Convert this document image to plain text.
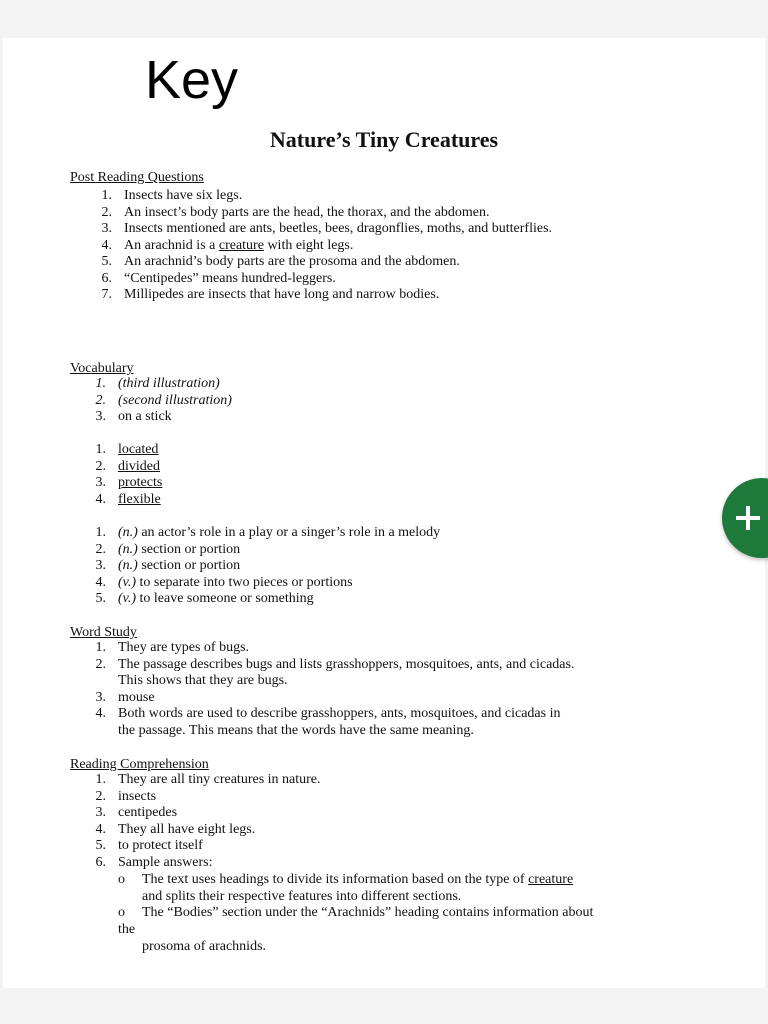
Key
Nature’s Tiny Creatures
Post Reading Questions
1. Insects have six legs.
2. An insect’s body parts are the head, the thorax, and the abdomen.
3. Insects mentioned are ants, beetles, bees, dragonflies, moths, and butterflies.
4. An arachnid is a creature with eight legs.
5. An arachnid’s body parts are the prosoma and the abdomen.
6. “Centipedes” means hundred-leggers.
7. Millipedes are insects that have long and narrow bodies.
Vocabulary
1. (third illustration)
2. (second illustration)
3. on a stick
1. located
2. divided
3. protects
4. flexible
1. (n.) an actor’s role in a play or a singer’s role in a melody
2. (n.) section or portion
3. (n.) section or portion
4. (v.) to separate into two pieces or portions
5. (v.) to leave someone or something
Word Study
1. They are types of bugs.
2. The passage describes bugs and lists grasshoppers, mosquitoes, ants, and cicadas.
This shows that they are bugs.
3. mouse
4. Both words are used to describe grasshoppers, ants, mosquitoes, and cicadas in
the passage. This means that the words have the same meaning.
Reading Comprehension
1. They are all tiny creatures in nature.
2. insects
3. centipedes
4. They all have eight legs.
5. to protect itself
6. Sample answers:
o The text uses headings to divide its information based on the type of creature
and splits their respective features into different sections.
o The “Bodies” section under the “Arachnids” heading contains information about
the
prosoma of arachnids.
